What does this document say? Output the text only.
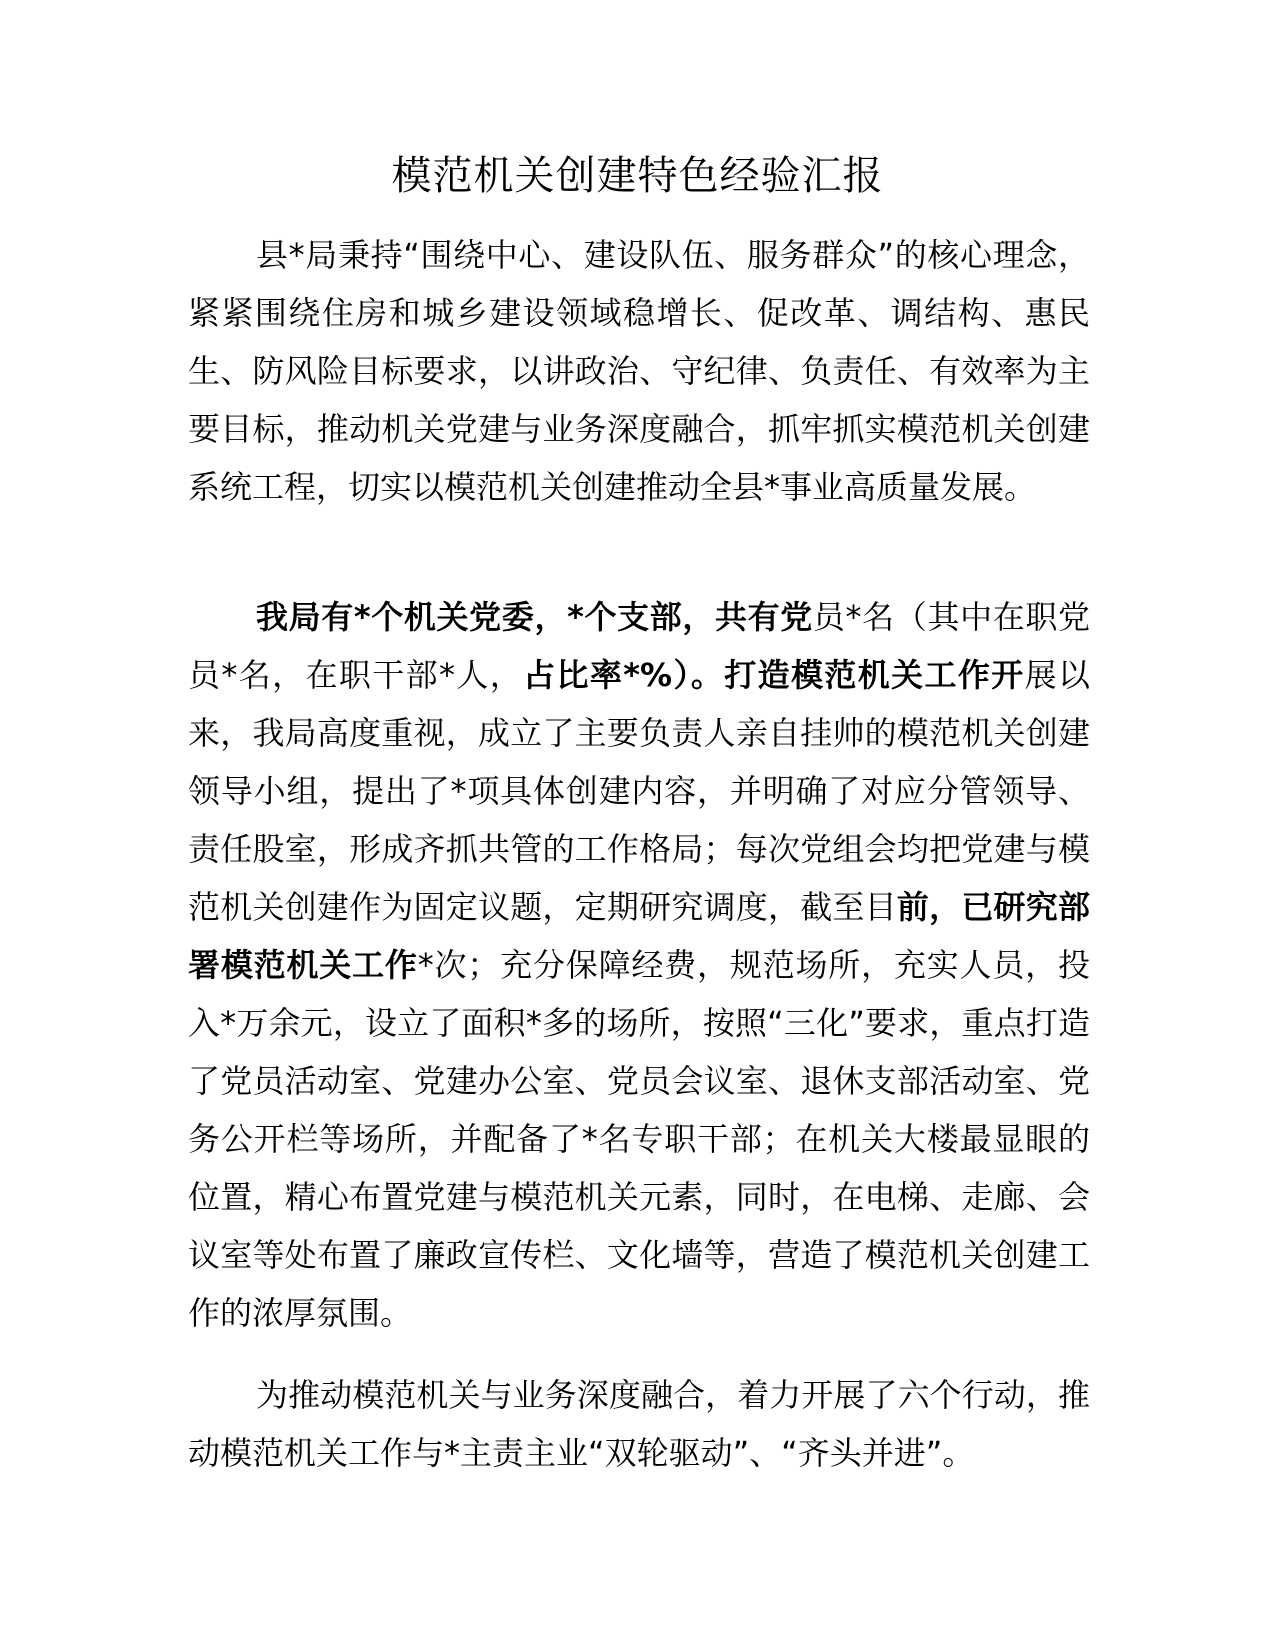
模范机关创建特色经验汇报

县*局秉持“围绕中心、建设队伍、服务群众”的核心理念，紧紧围绕住房和城乡建设领域稳增长、促改革、调结构、惠民生、防风险目标要求，以讲政治、守纪律、负责任、有效率为主要目标，推动机关党建与业务深度融合，抓牢抓实模范机关创建系统工程，切实以模范机关创建推动全县*事业高质量发展。

我局有*个机关党委，*个支部，共有党员*名（其中在职党员*名，在职干部*人，占比率*%）。打造模范机关工作开展以来，我局高度重视，成立了主要负责人亲自挂帅的模范机关创建领导小组，提出了*项具体创建内容，并明确了对应分管领导、责任股室，形成齐抓共管的工作格局；每次党组会均把党建与模范机关创建作为固定议题，定期研究调度，截至目前，已研究部署模范机关工作*次；充分保障经费，规范场所，充实人员，投入*万余元，设立了面积*多的场所，按照“三化”要求，重点打造了党员活动室、党建办公室、党员会议室、退休支部活动室、党务公开栏等场所，并配备了*名专职干部；在机关大楼最显眼的位置，精心布置党建与模范机关元素，同时，在电梯、走廊、会议室等处布置了廉政宣传栏、文化墙等，营造了模范机关创建工作的浓厚氛围。

为推动模范机关与业务深度融合，着力开展了六个行动，推动模范机关工作与*主责主业“双轮驱动”、“齐头并进”。
